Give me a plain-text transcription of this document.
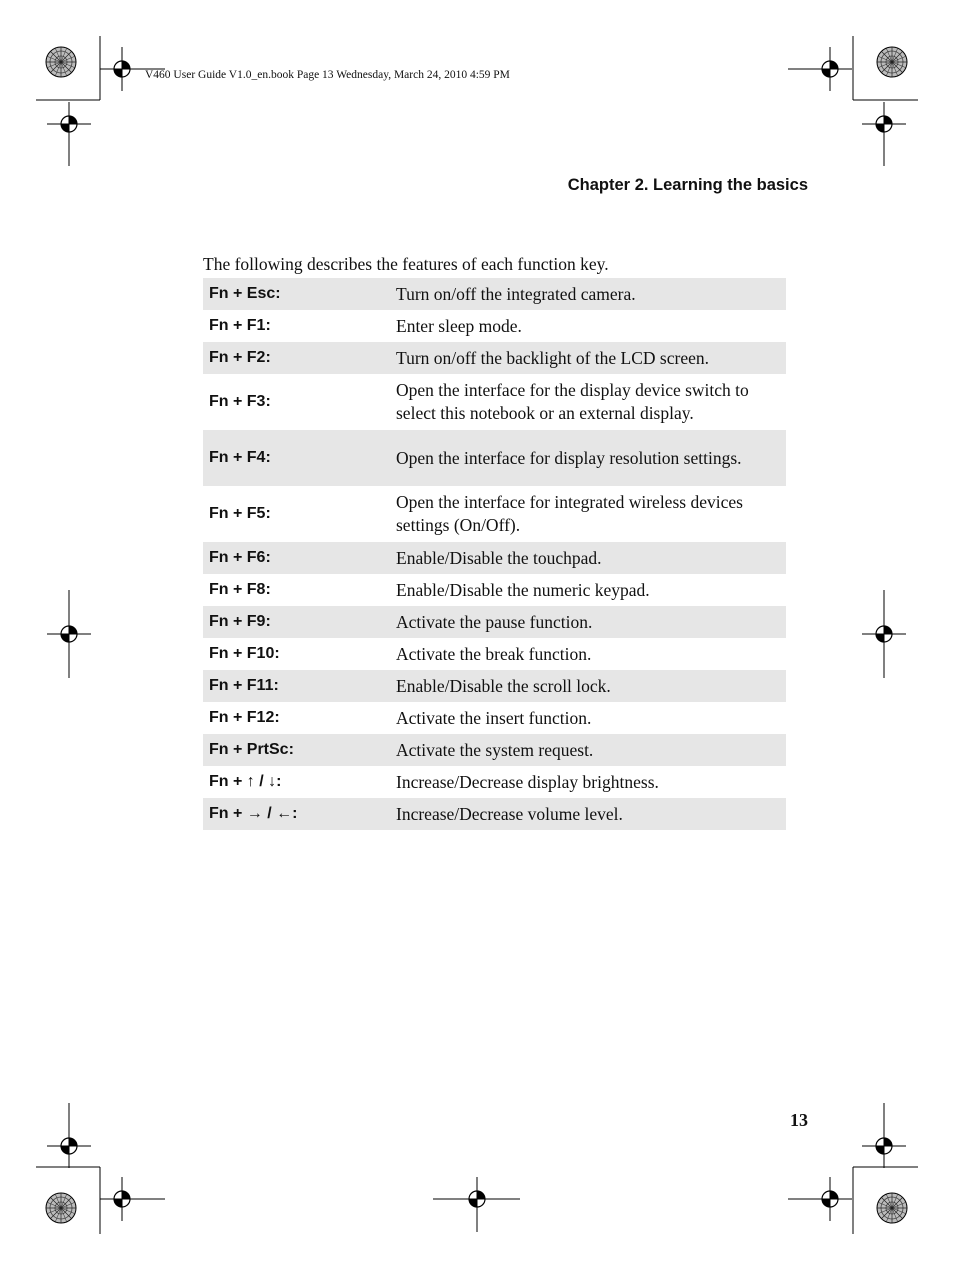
V460 User Guide V1.0_en.book Page 13 Wednesday, March 24, 2010 4:59 PM
Chapter 2. Learning the basics
The following describes the features of each function key.
Fn + Esc:	Turn on/off the integrated camera.
Fn + F1:	Enter sleep mode.
Fn + F2:	Turn on/off the backlight of the LCD screen.
Fn + F3:	Open the interface for the display device switch to select this notebook or an external display.
Fn + F4:	Open the interface for display resolution settings.
Fn + F5:	Open the interface for integrated wireless devices settings (On/Off).
Fn + F6:	Enable/Disable the touchpad.
Fn + F8:	Enable/Disable the numeric keypad.
Fn + F9:	Activate the pause function.
Fn + F10:	Activate the break function.
Fn + F11:	Enable/Disable the scroll lock.
Fn + F12:	Activate the insert function.
Fn + PrtSc:	Activate the system request.
Fn + ↑ / ↓:	Increase/Decrease display brightness.
Fn + → / ←:	Increase/Decrease volume level.
13
